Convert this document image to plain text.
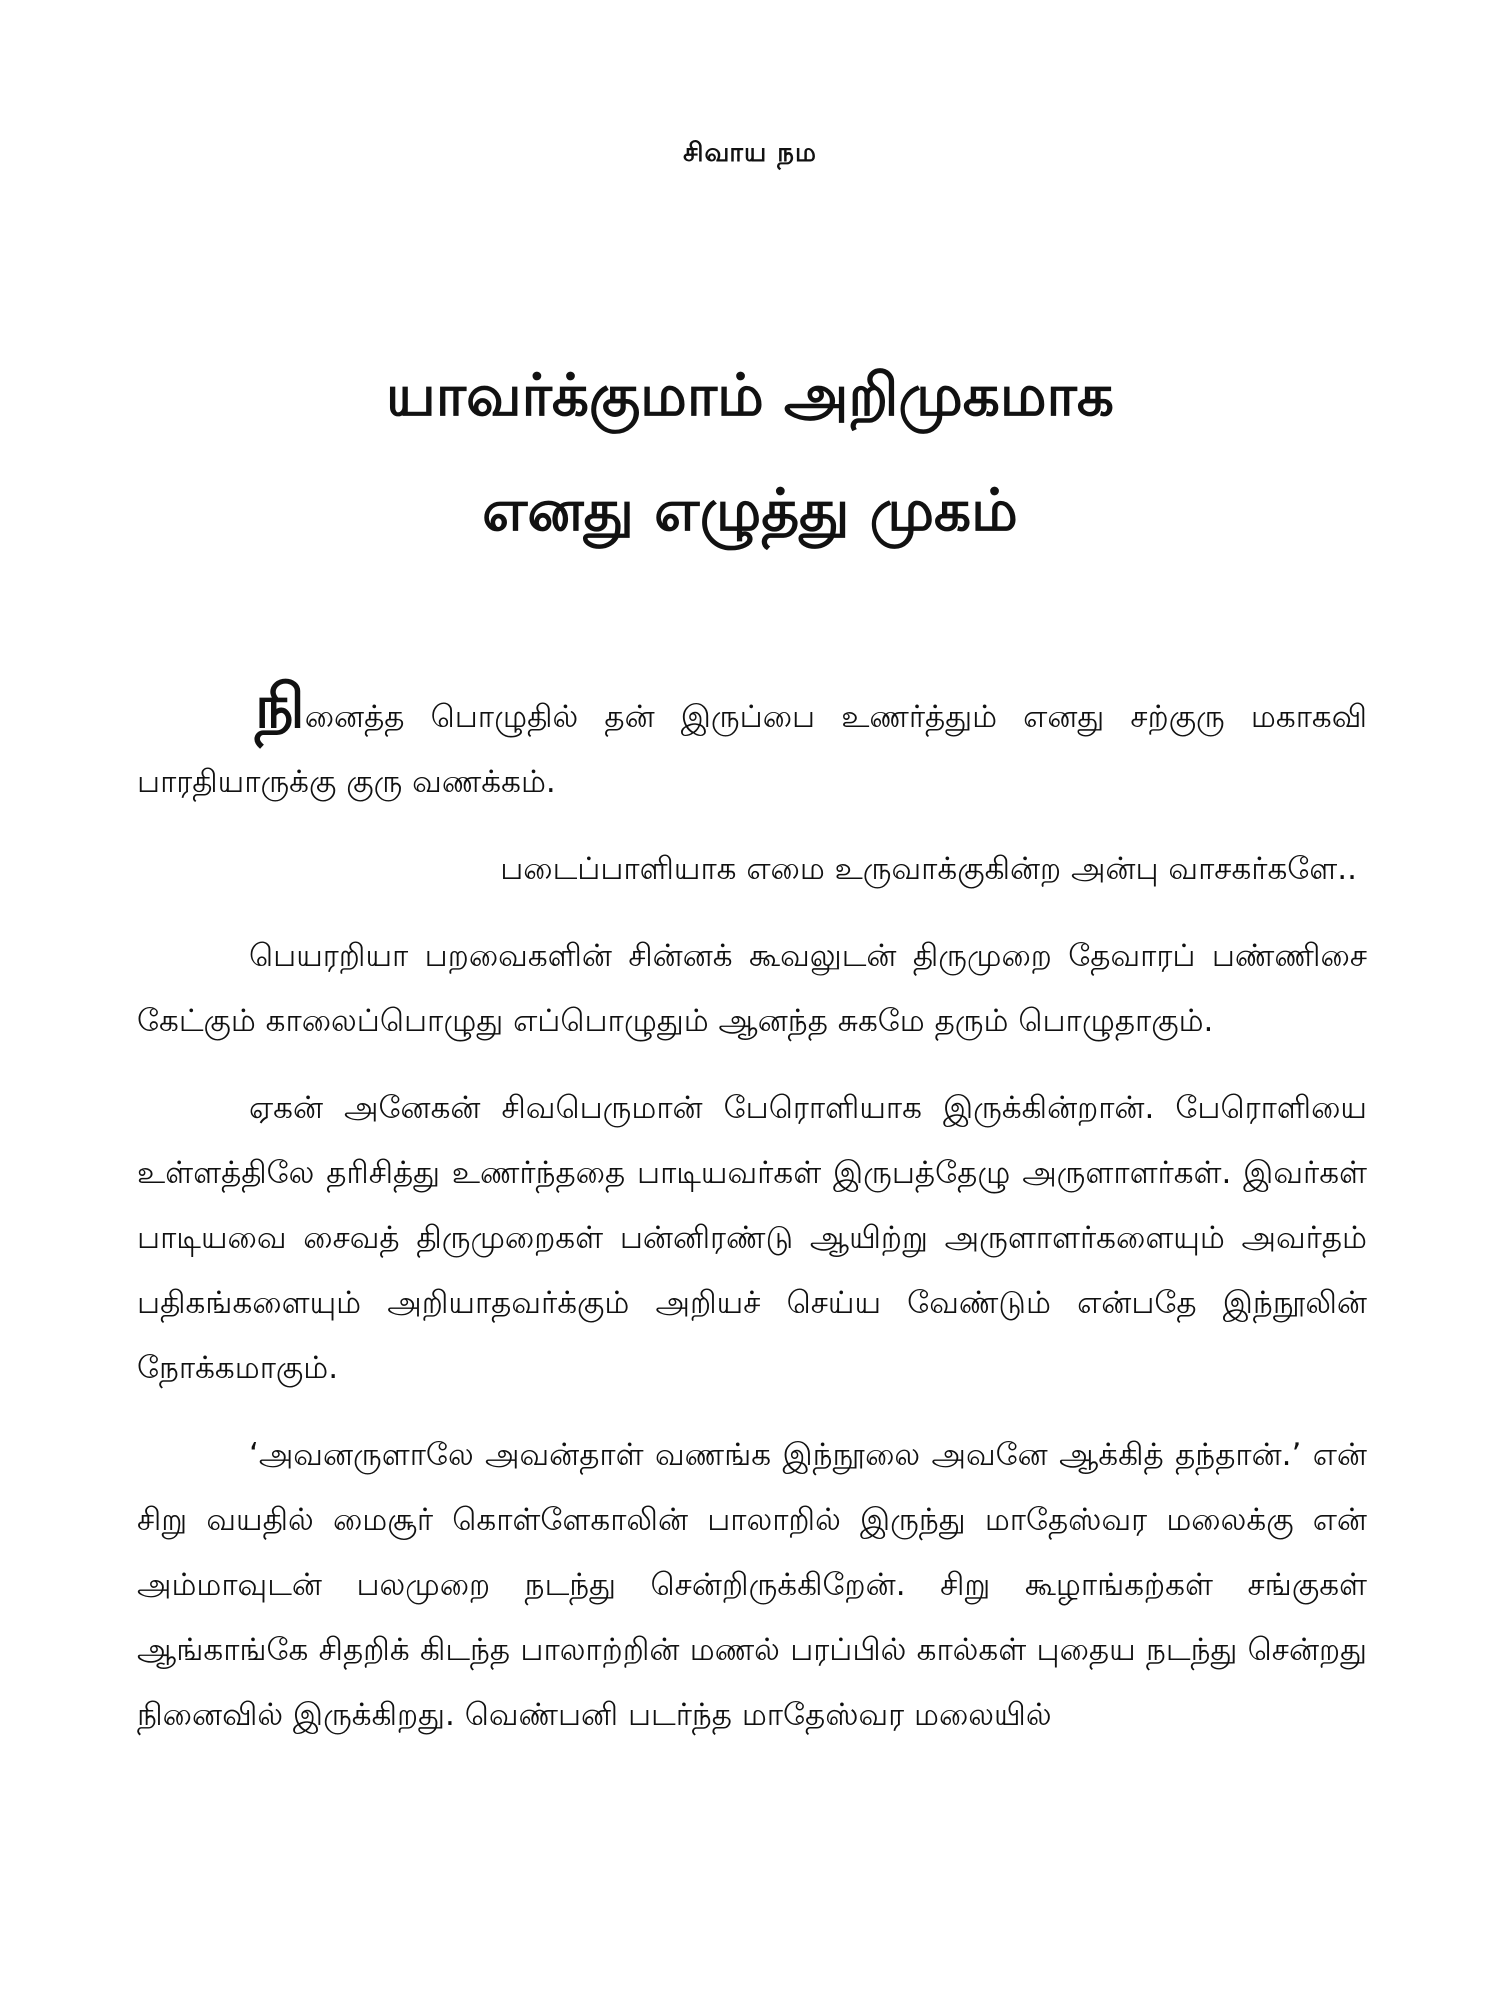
சிவாய நம
யாவர்க்குமாம் அறிமுகமாக
எனது எழுத்து முகம்

நினைத்த பொழுதில் தன் இருப்பை உணர்த்தும் எனது சற்குரு மகாகவி பாரதியாருக்கு குரு வணக்கம்.

படைப்பாளியாக எமை உருவாக்குகின்ற அன்பு வாசகர்களே..

பெயரறியா பறவைகளின் சின்னக் கூவலுடன் திருமுறை தேவாரப் பண்ணிசை கேட்கும் காலைப்பொழுது எப்பொழுதும் ஆனந்த சுகமே தரும் பொழுதாகும்.

ஏகன் அனேகன் சிவபெருமான் பேரொளியாக இருக்கின்றான். பேரொளியை உள்ளத்திலே தரிசித்து உணர்ந்ததை பாடியவர்கள் இருபத்தேழு அருளாளர்கள். இவர்கள் பாடியவை சைவத் திருமுறைகள் பன்னிரண்டு ஆயிற்று அருளாளர்களையும் அவர்தம் பதிகங்களையும் அறியாதவர்க்கும் அறியச் செய்ய வேண்டும் என்பதே இந்நூலின் நோக்கமாகும்.

‘அவனருளாலே அவன்தாள் வணங்க இந்நூலை அவனே ஆக்கித் தந்தான்.’ என் சிறு வயதில் மைசூர் கொள்ளேகாலின் பாலாறில் இருந்து மாதேஸ்வர மலைக்கு என் அம்மாவுடன் பலமுறை நடந்து சென்றிருக்கிறேன். சிறு கூழாங்கற்கள் சங்குகள் ஆங்காங்கே சிதறிக் கிடந்த பாலாற்றின் மணல் பரப்பில் கால்கள் புதைய நடந்து சென்றது நினைவில் இருக்கிறது. வெண்பனி படர்ந்த மாதேஸ்வர மலையில்
